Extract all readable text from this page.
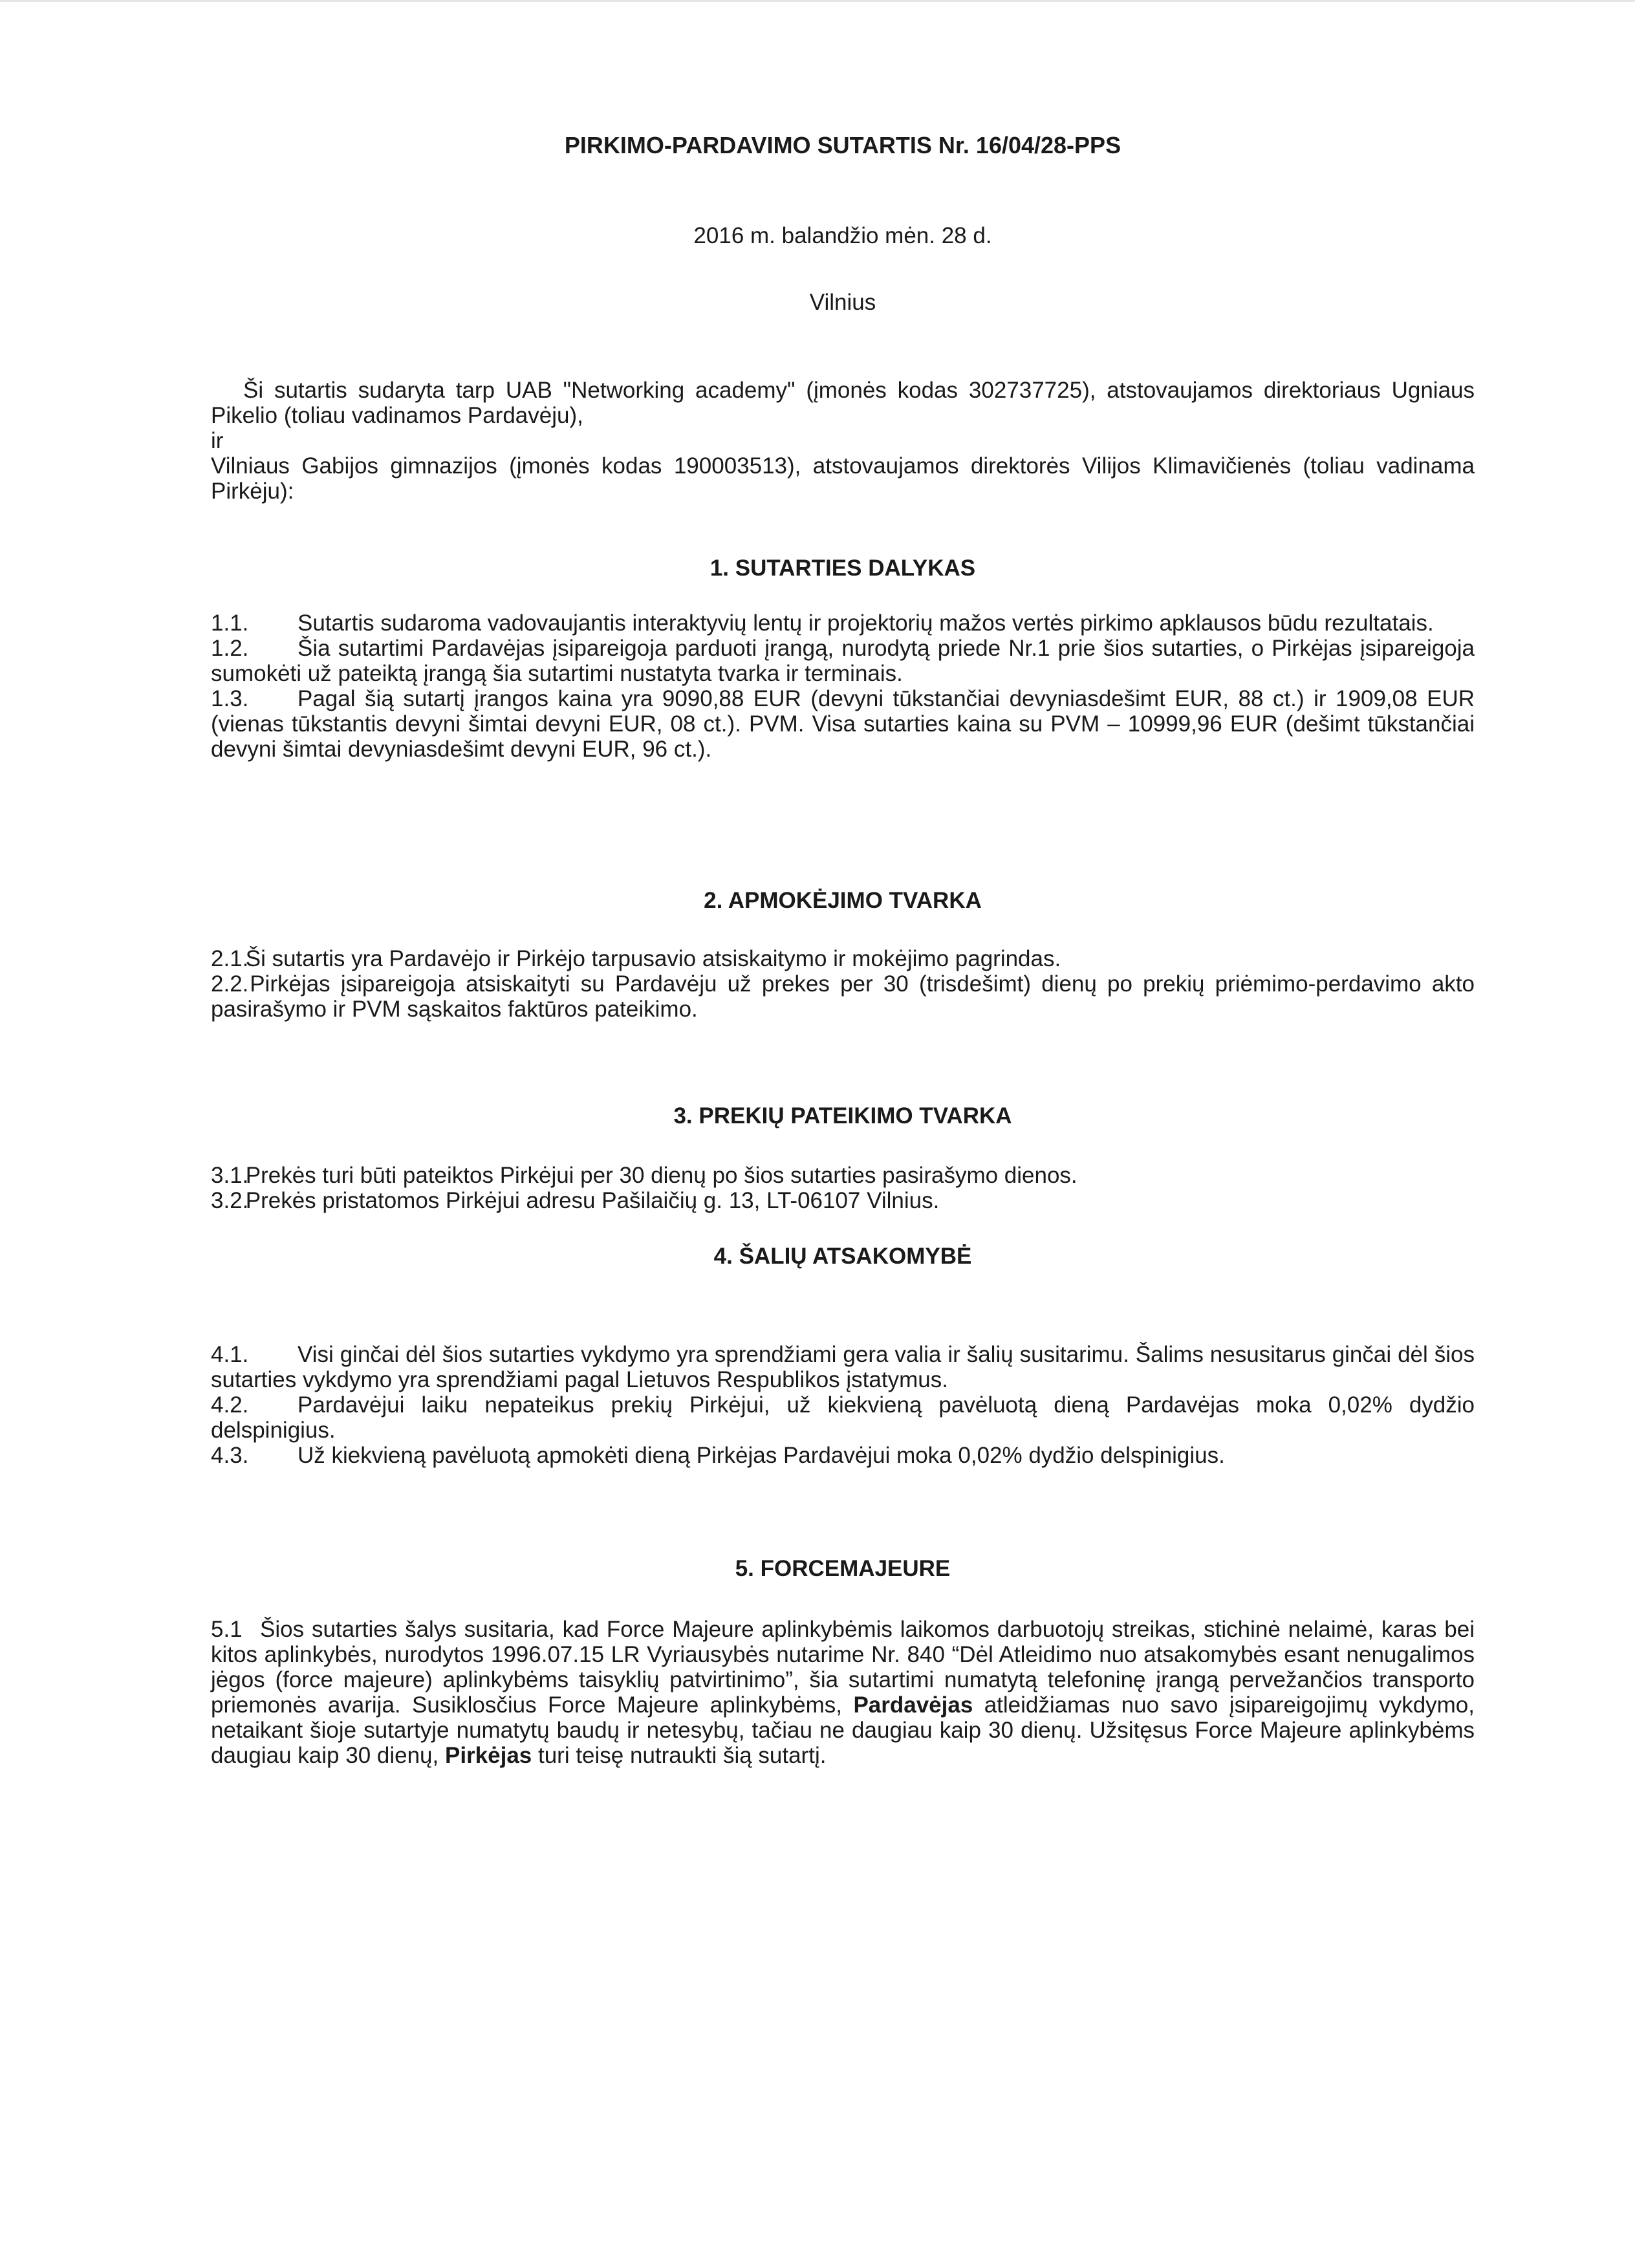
PIRKIMO-PARDAVIMO SUTARTIS Nr. 16/04/28-PPS
2016 m. balandžio mėn. 28 d.
Vilnius

Ši sutartis sudaryta tarp UAB "Networking academy" (įmonės kodas 302737725), atstovaujamos direktoriaus Ugniaus Pikelio (toliau vadinamos Pardavėju),

ir

Vilniaus Gabijos gimnazijos (įmonės kodas 190003513), atstovaujamos direktorės Vilijos Klimavičienės (toliau vadinama Pirkėju):

1. SUTARTIES DALYKAS

1.1. Sutartis sudaroma vadovaujantis interaktyvių lentų ir projektorių mažos vertės pirkimo apklausos būdu rezultatais.

1.2. Šia sutartimi Pardavėjas įsipareigoja parduoti įrangą, nurodytą priede Nr.1 prie šios sutarties, o Pirkėjas įsipareigoja sumokėti už pateiktą įrangą šia sutartimi nustatyta tvarka ir terminais.

1.3. Pagal šią sutartį įrangos kaina yra 9090,88 EUR (devyni tūkstančiai devyniasdešimt EUR, 88 ct.) ir 1909,08 EUR (vienas tūkstantis devyni šimtai devyni EUR, 08 ct.). PVM. Visa sutarties kaina su PVM – 10999,96 EUR (dešimt tūkstančiai devyni šimtai devyniasdešimt devyni EUR, 96 ct.).

2. APMOKĖJIMO TVARKA

2.1. Ši sutartis yra Pardavėjo ir Pirkėjo tarpusavio atsiskaitymo ir mokėjimo pagrindas.

2.2. Pirkėjas įsipareigoja atsiskaityti su Pardavėju už prekes per 30 (trisdešimt) dienų po prekių priėmimo-perdavimo akto pasirašymo ir PVM sąskaitos faktūros pateikimo.

3. PREKIŲ PATEIKIMO TVARKA

3.1. Prekės turi būti pateiktos Pirkėjui per 30 dienų po šios sutarties pasirašymo dienos.

3.2. Prekės pristatomos Pirkėjui adresu Pašilaičių g. 13, LT-06107 Vilnius.

4. ŠALIŲ ATSAKOMYBĖ

4.1. Visi ginčai dėl šios sutarties vykdymo yra sprendžiami gera valia ir šalių susitarimu. Šalims nesusitarus ginčai dėl šios sutarties vykdymo yra sprendžiami pagal Lietuvos Respublikos įstatymus.

4.2. Pardavėjui laiku nepateikus prekių Pirkėjui, už kiekvieną pavėluotą dieną Pardavėjas moka 0,02% dydžio delspinigius.

4.3. Už kiekvieną pavėluotą apmokėti dieną Pirkėjas Pardavėjui moka 0,02% dydžio delspinigius.

5. FORCEMAJEURE

5.1 Šios sutarties šalys susitaria, kad Force Majeure aplinkybėmis laikomos darbuotojų streikas, stichinė nelaimė, karas bei kitos aplinkybės, nurodytos 1996.07.15 LR Vyriausybės nutarime Nr. 840 “Dėl Atleidimo nuo atsakomybės esant nenugalimos jėgos (force majeure) aplinkybėms taisyklių patvirtinimo”, šia sutartimi numatytą telefoninę įrangą pervežančios transporto priemonės avarija. Susiklosčius Force Majeure aplinkybėms, Pardavėjas atleidžiamas nuo savo įsipareigojimų vykdymo, netaikant šioje sutartyje numatytų baudų ir netesybų, tačiau ne daugiau kaip 30 dienų. Užsitęsus Force Majeure aplinkybėms daugiau kaip 30 dienų, Pirkėjas turi teisę nutraukti šią sutartį.
